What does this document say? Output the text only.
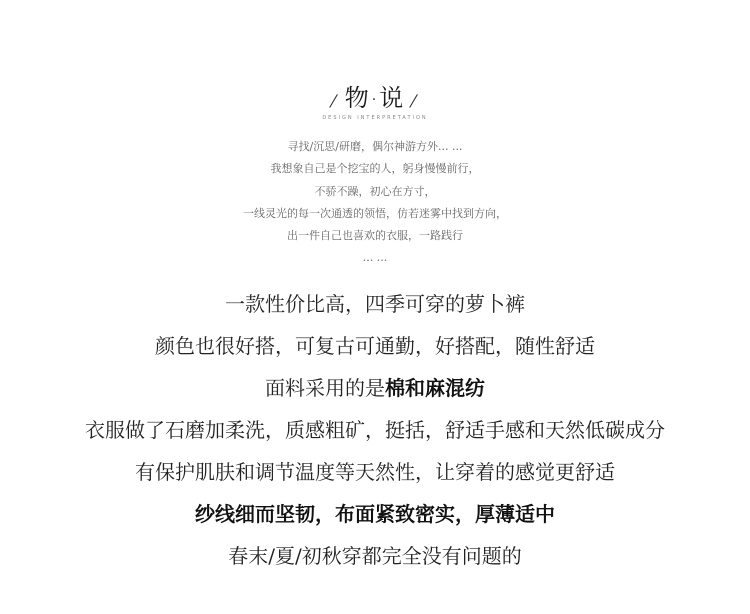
/ 物·说 /
DESIGN INTERPRETATION
寻找/沉思/研磨，偶尔神游方外... ...
我想象自己是个挖宝的人，躬身慢慢前行，
不骄不躁，初心在方寸，
一线灵光的每一次通透的领悟，仿若迷雾中找到方向，
出一件自己也喜欢的衣服，一路践行
... ...
一款性价比高，四季可穿的萝卜裤
颜色也很好搭，可复古可通勤，好搭配，随性舒适
面料采用的是棉和麻混纺
衣服做了石磨加柔洗，质感粗矿，挺括，舒适手感和天然低碳成分
有保护肌肤和调节温度等天然性，让穿着的感觉更舒适
纱线细而坚韧，布面紧致密实，厚薄适中
春末/夏/初秋穿都完全没有问题的
